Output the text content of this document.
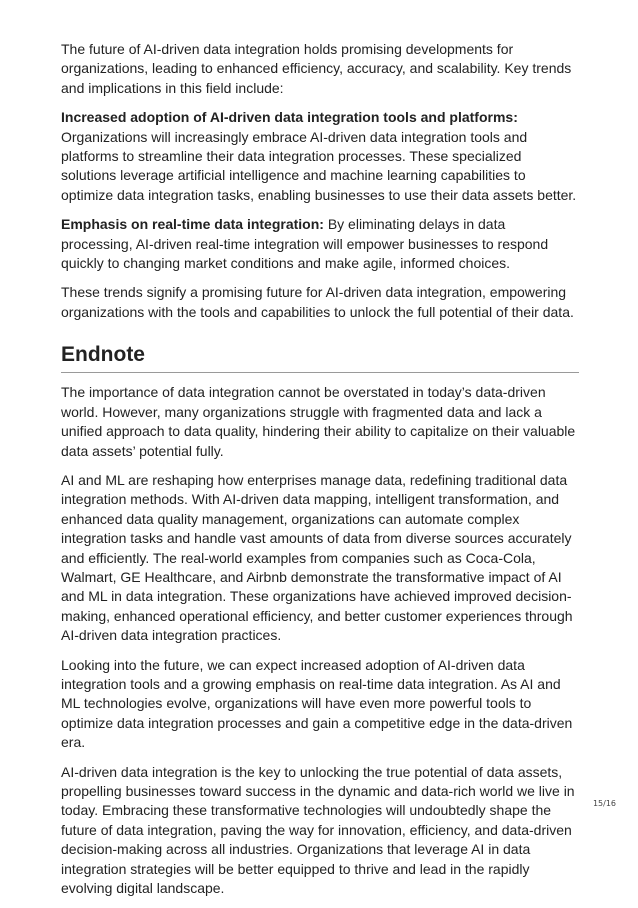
The future of AI-driven data integration holds promising developments for organizations, leading to enhanced efficiency, accuracy, and scalability. Key trends and implications in this field include:

Increased adoption of AI-driven data integration tools and platforms: Organizations will increasingly embrace AI-driven data integration tools and platforms to streamline their data integration processes. These specialized solutions leverage artificial intelligence and machine learning capabilities to optimize data integration tasks, enabling businesses to use their data assets better.

Emphasis on real-time data integration: By eliminating delays in data processing, AI-driven real-time integration will empower businesses to respond quickly to changing market conditions and make agile, informed choices.

These trends signify a promising future for AI-driven data integration, empowering organizations with the tools and capabilities to unlock the full potential of their data.

Endnote

The importance of data integration cannot be overstated in today’s data-driven world. However, many organizations struggle with fragmented data and lack a unified approach to data quality, hindering their ability to capitalize on their valuable data assets’ potential fully.

AI and ML are reshaping how enterprises manage data, redefining traditional data integration methods. With AI-driven data mapping, intelligent transformation, and enhanced data quality management, organizations can automate complex integration tasks and handle vast amounts of data from diverse sources accurately and efficiently. The real-world examples from companies such as Coca-Cola, Walmart, GE Healthcare, and Airbnb demonstrate the transformative impact of AI and ML in data integration. These organizations have achieved improved decision-making, enhanced operational efficiency, and better customer experiences through AI-driven data integration practices.

Looking into the future, we can expect increased adoption of AI-driven data integration tools and a growing emphasis on real-time data integration. As AI and ML technologies evolve, organizations will have even more powerful tools to optimize data integration processes and gain a competitive edge in the data-driven era.

AI-driven data integration is the key to unlocking the true potential of data assets, propelling businesses toward success in the dynamic and data-rich world we live in today. Embracing these transformative technologies will undoubtedly shape the future of data integration, paving the way for innovation, efficiency, and data-driven decision-making across all industries. Organizations that leverage AI in data integration strategies will be better equipped to thrive and lead in the rapidly evolving digital landscape.

15/16
